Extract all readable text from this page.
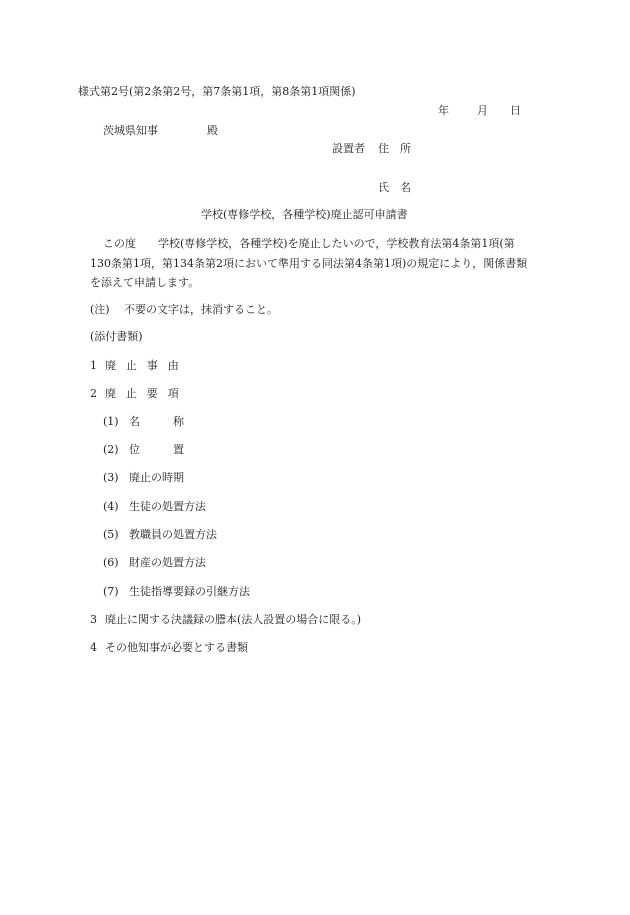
様式第2号(第2条第2号，第7条第1項，第8条第1項関係)
年	月 日
茨城県知事	殿
設置者 住　所
氏　名
学校(専修学校，各種学校)廃止認可申請書
この度　　学校(専修学校，各種学校)を廃止したいので，学校教育法第4条第1項(第
130条第1項，第134条第2項において準用する同法第4条第1項)の規定により，関係書類
を添えて申請します。
(注) 不要の文字は，抹消すること。
(添付書類)
1 廃止事由
2 廃止要項
(1) 名　　　称
(2) 位　　　置
(3) 廃止の時期
(4) 生徒の処置方法
(5) 教職員の処置方法
(6) 財産の処置方法
(7) 生徒指導要録の引継方法
3 廃止に関する決議録の謄本(法人設置の場合に限る。)
4 その他知事が必要とする書類
